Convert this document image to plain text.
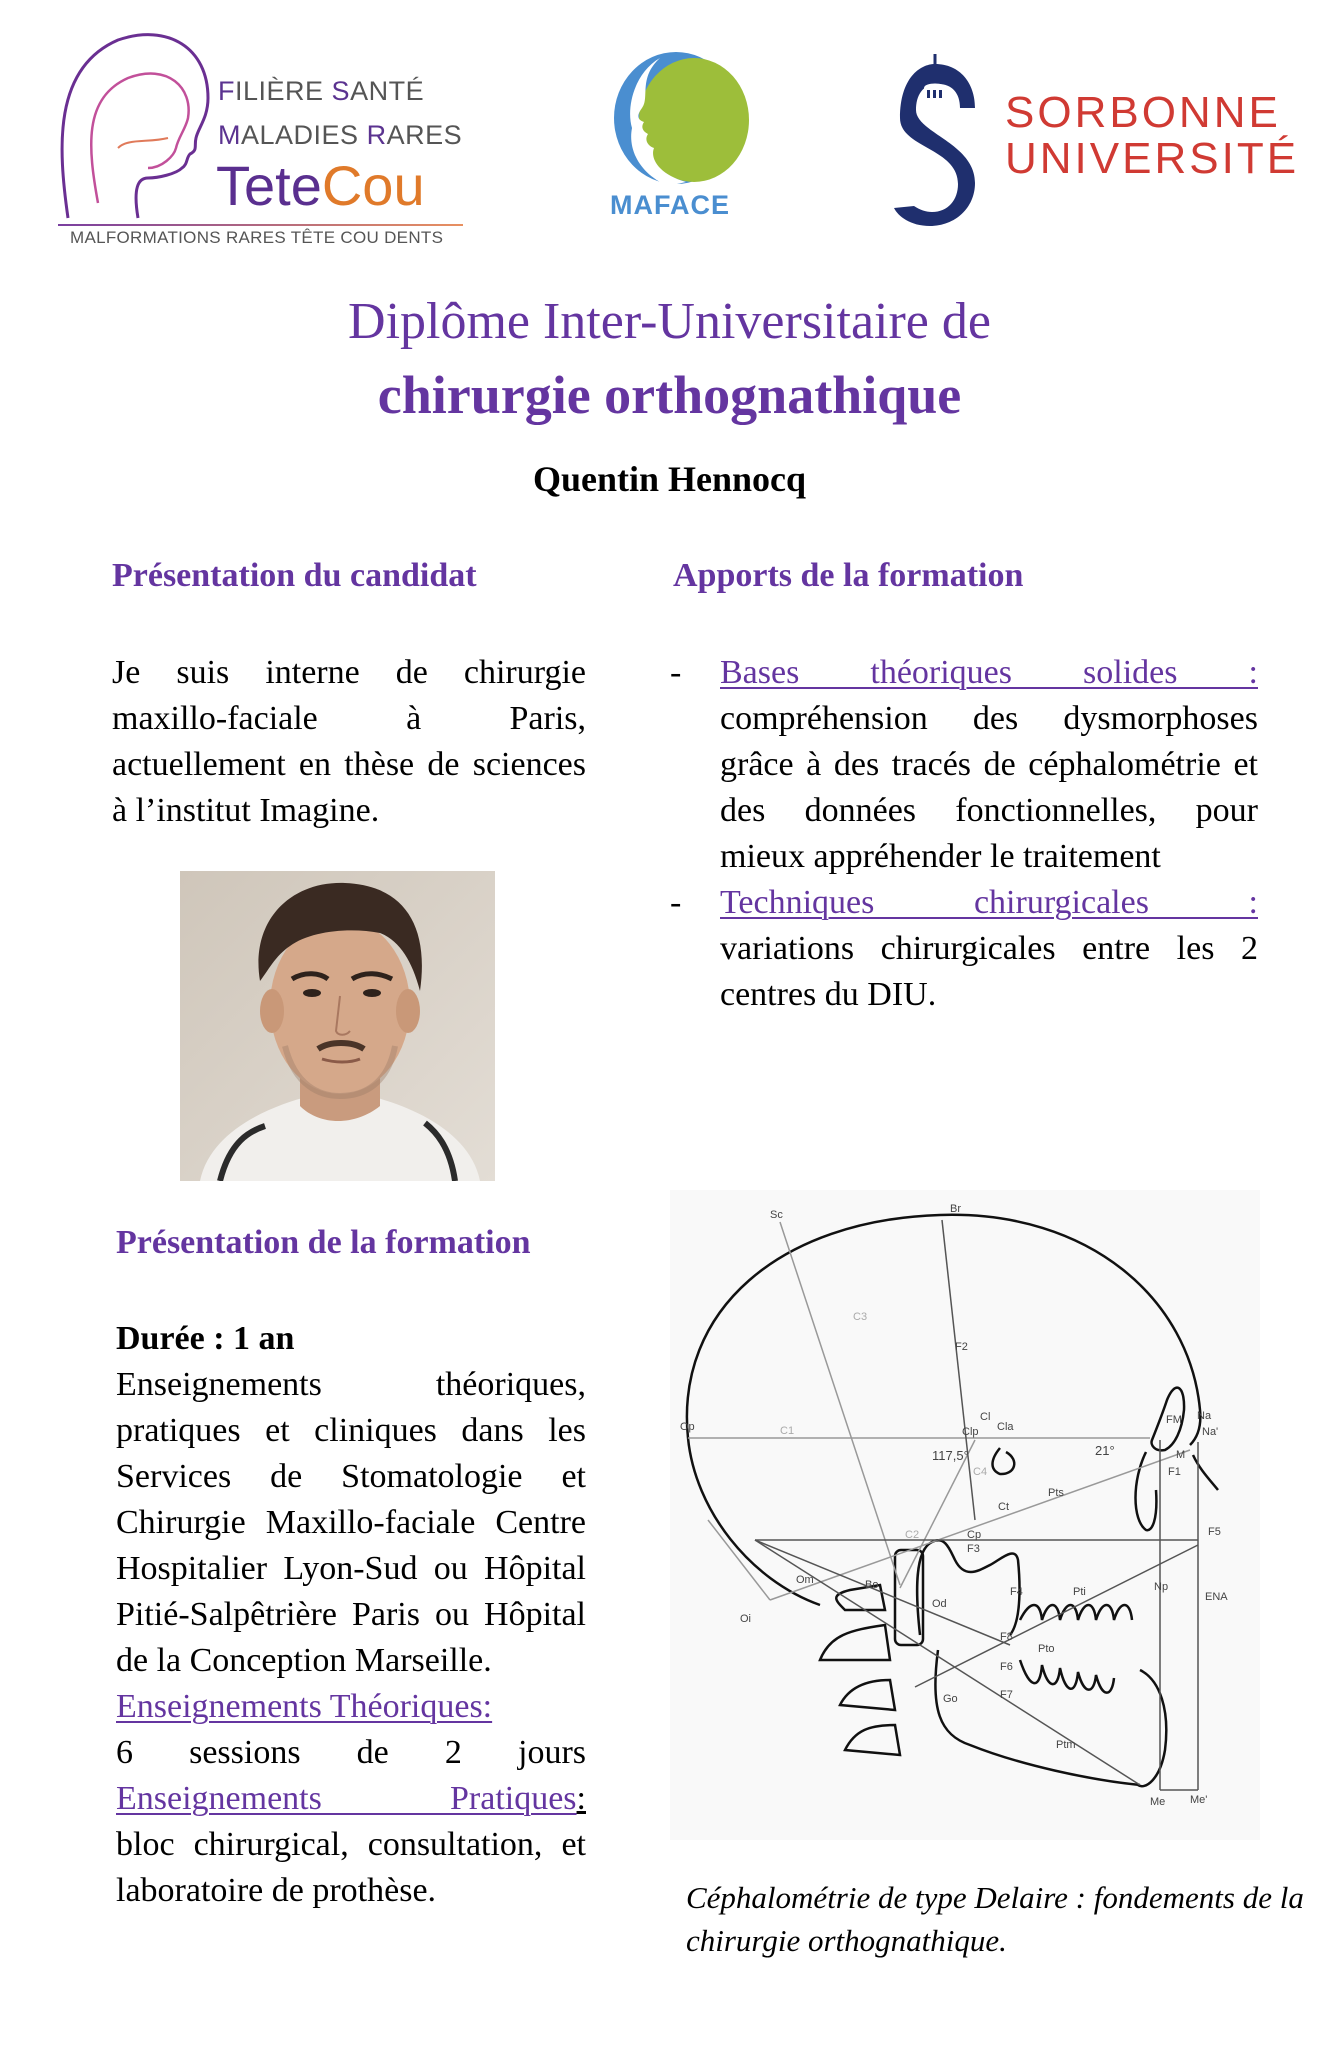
FILIÈRE SANTÉ
MALADIES RARES
TeteCou
MALFORMATIONS RARES TÊTE COU DENTS
MAFACE
SORBONNE
UNIVERSITÉ
Diplôme Inter-Universitaire de
chirurgie orthognathique
Quentin Hennocq
Présentation du candidat
Je suis interne de chirurgie maxillo-faciale à Paris, actuellement en thèse de sciences à l’institut Imagine.
Apports de la formation
- Bases théoriques solides :
compréhension des dysmorphoses grâce à des tracés de céphalométrie et des données fonctionnelles, pour mieux appréhender le traitement
- Techniques chirurgicales :
variations chirurgicales entre les 2 centres du DIU.
Présentation de la formation
Durée : 1 an
Enseignements théoriques, pratiques et cliniques dans les Services de Stomatologie et Chirurgie Maxillo-faciale Centre Hospitalier Lyon-Sud ou Hôpital Pitié-Salpêtrière Paris ou Hôpital de la Conception Marseille.
Enseignements Théoriques:
6 sessions de 2 jours
Enseignements Pratiques :
bloc chirurgical, consultation, et laboratoire de prothèse.
Sc	Br
C3
F2
Op	C1	Clp
Cl
Cla
117,5°	21°
FM Na
Na'
M
F1
F5
C4
Pts
Ct
Cp
F3
C2
Om	Bo
Od
F4	Pti	Np
ENA
Oi
F8
Pto
F6
Go	F7
Ptm
Me Me'
Céphalométrie de type Delaire : fondements de la chirurgie orthognathique.
